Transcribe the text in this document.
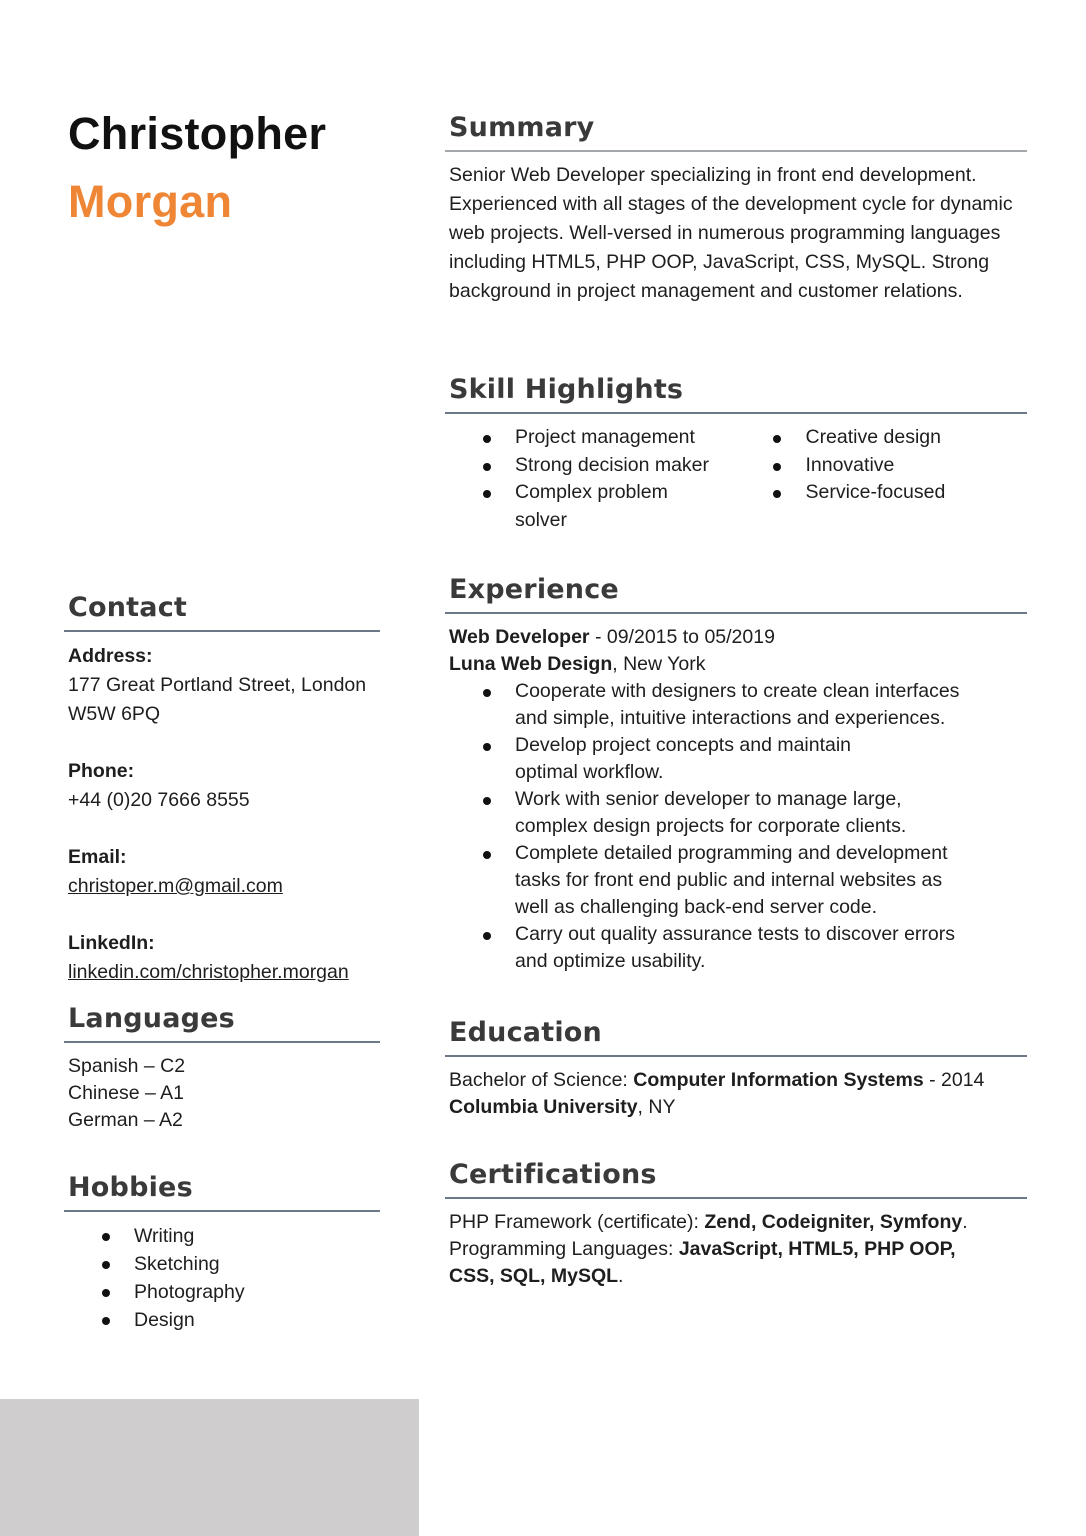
Christopher
Morgan
Contact
Address:
177 Great Portland Street, London
W5W 6PQ
Phone:
+44 (0)20 7666 8555
Email:
christoper.m@gmail.com
LinkedIn:
linkedin.com/christopher.morgan
Languages
Spanish – C2
Chinese – A1
German – A2
Hobbies
Writing
Sketching
Photography
Design
Summary
Senior Web Developer specializing in front end development. Experienced with all stages of the development cycle for dynamic web projects. Well-versed in numerous programming languages including HTML5, PHP OOP, JavaScript, CSS, MySQL. Strong background in project management and customer relations.
Skill Highlights
Project management
Strong decision maker
Complex problem solver
Creative design
Innovative
Service-focused
Experience
Web Developer - 09/2015 to 05/2019
Luna Web Design, New York
Cooperate with designers to create clean interfaces and simple, intuitive interactions and experiences.
Develop project concepts and maintain optimal workflow.
Work with senior developer to manage large, complex design projects for corporate clients.
Complete detailed programming and development tasks for front end public and internal websites as well as challenging back-end server code.
Carry out quality assurance tests to discover errors and optimize usability.
Education
Bachelor of Science: Computer Information Systems - 2014
Columbia University, NY
Certifications
PHP Framework (certificate): Zend, Codeigniter, Symfony.
Programming Languages: JavaScript, HTML5, PHP OOP, CSS, SQL, MySQL.
